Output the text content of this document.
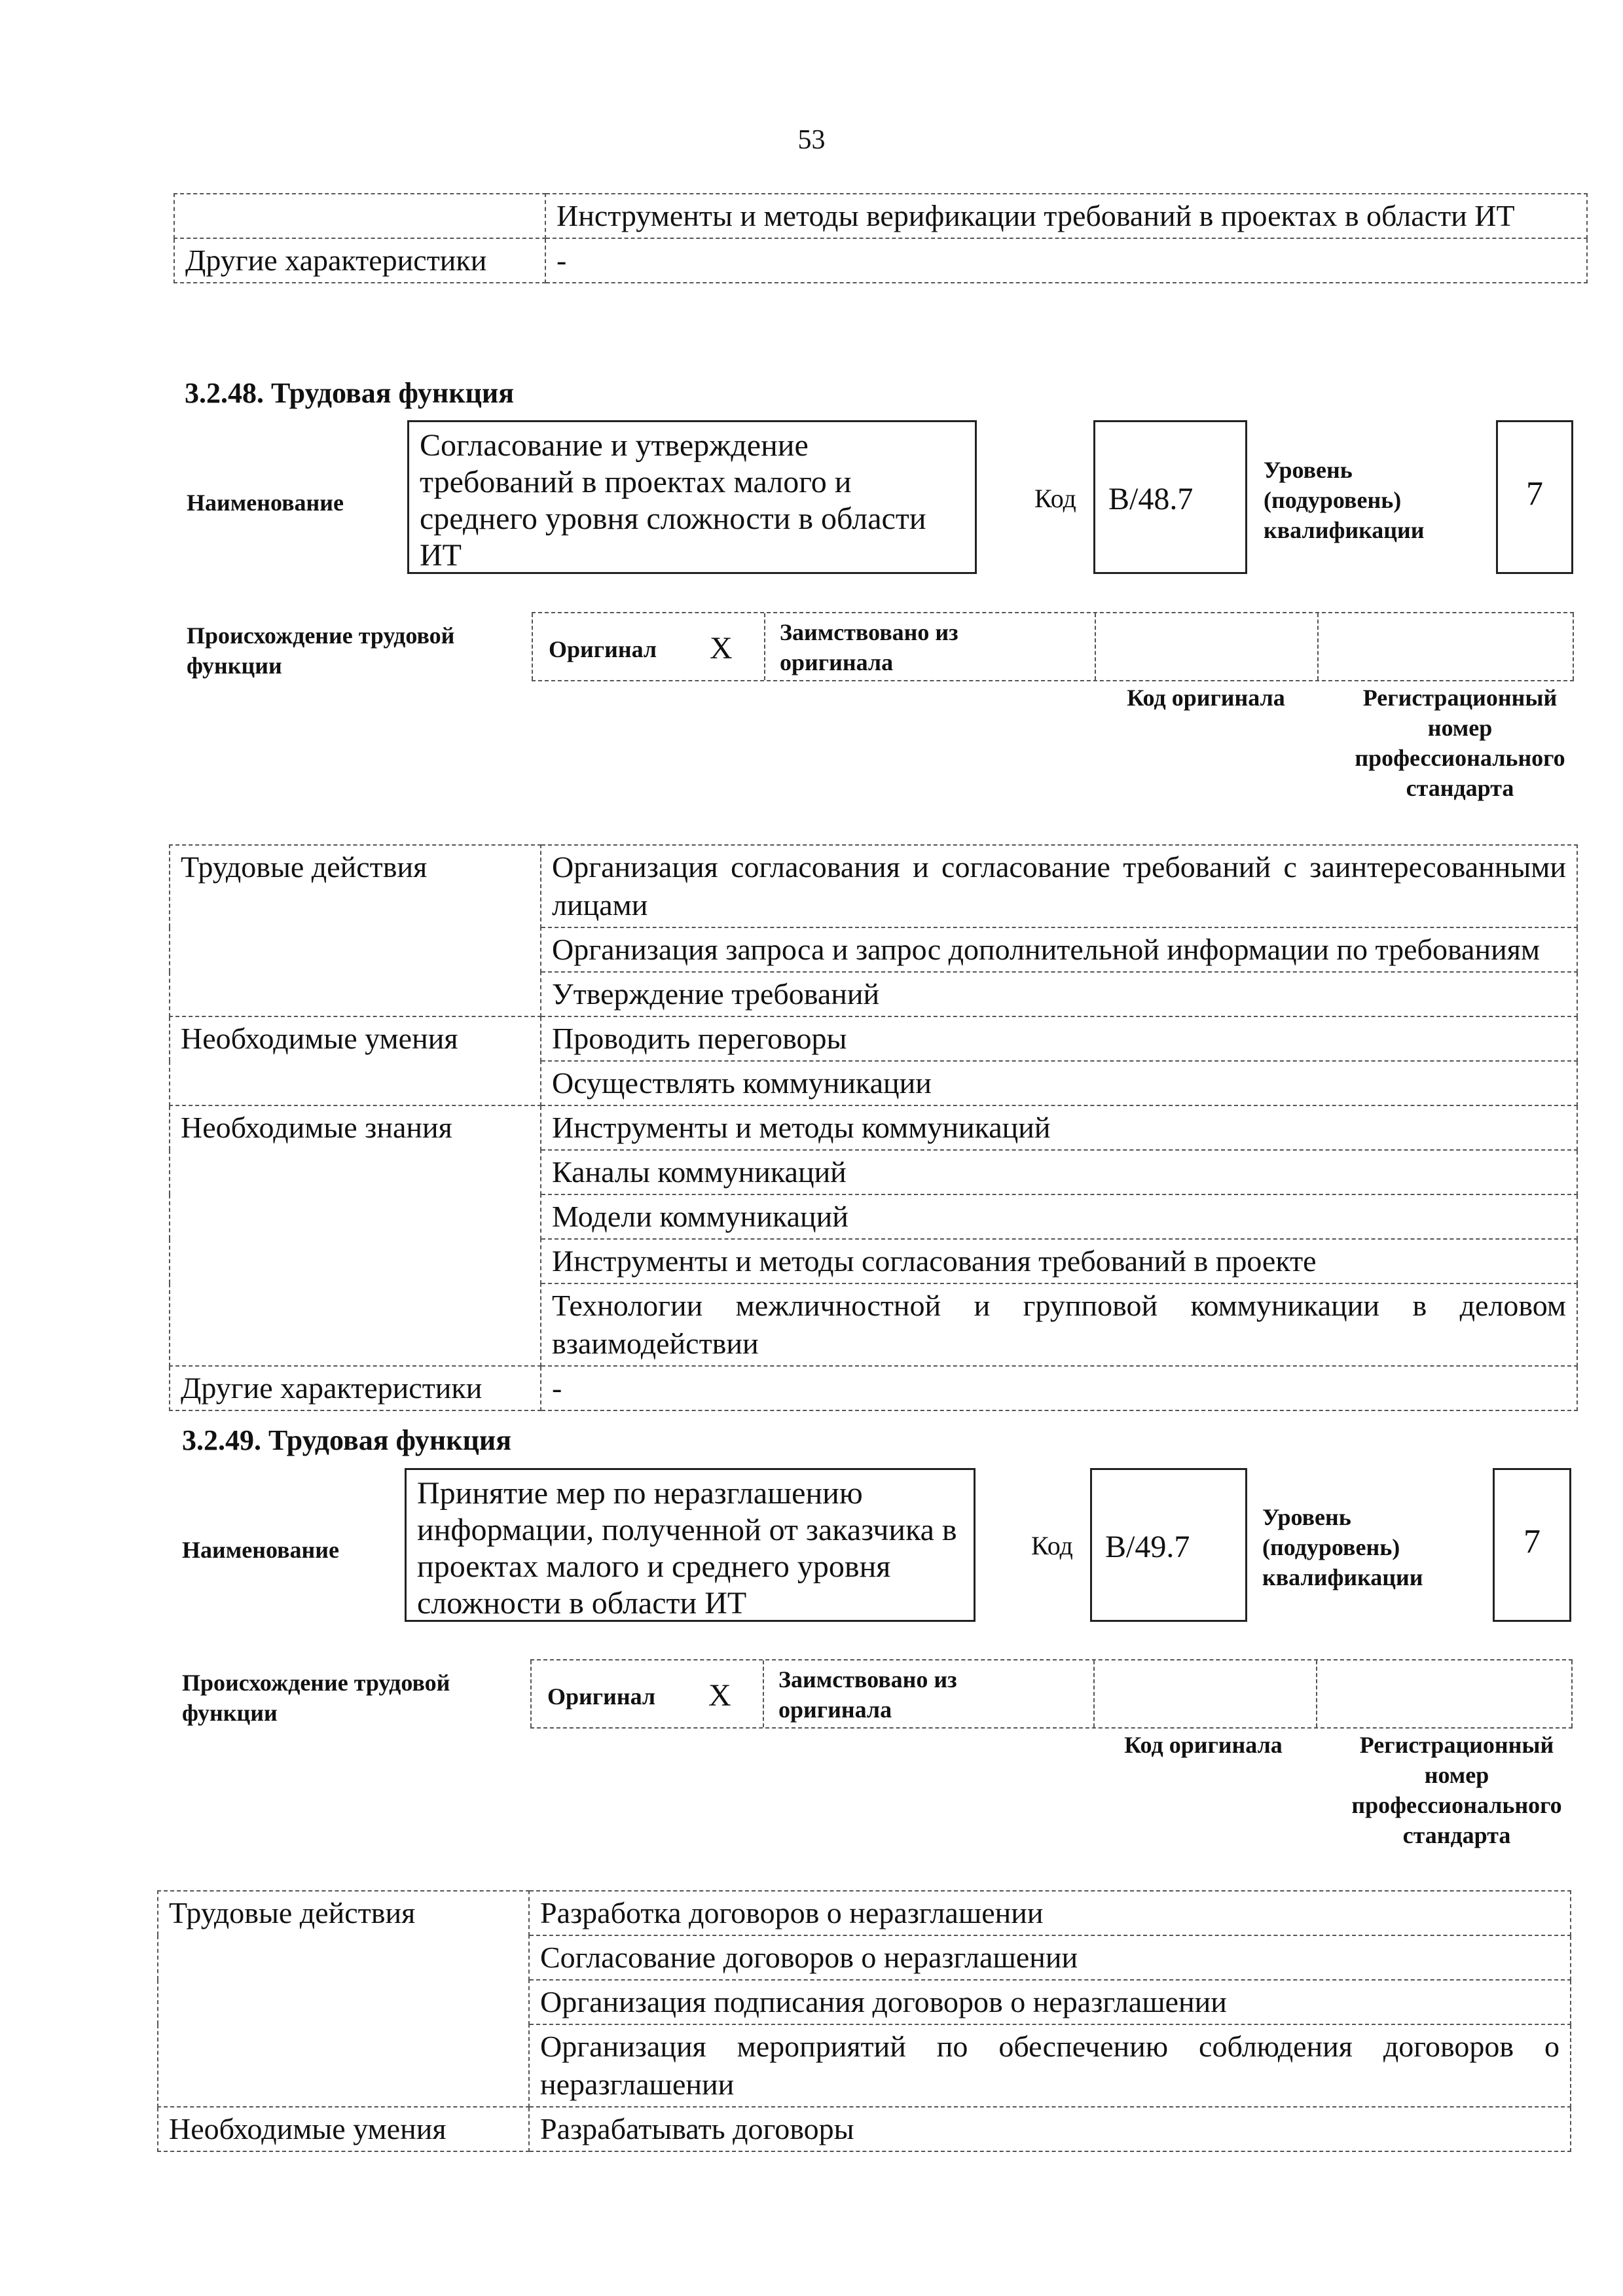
53
	Инструменты и методы верификации требований в проектах в области ИТ
Другие характеристики	-
3.2.48. Трудовая функция
Наименование
Согласование и утверждение требований в проектах малого и среднего уровня сложности в области ИТ
Код	B/48.7
Уровень (подуровень) квалификации
7
Происхождение трудовой функции
Оригинал X Заимствовано из оригинала
Код оригинала	Регистрационный номер профессионального стандарта
Трудовые действия	Организация согласования и согласование требований с заинтересованными лицами
	Организация запроса и запрос дополнительной информации по требованиям
	Утверждение требований
Необходимые умения	Проводить переговоры
	Осуществлять коммуникации
Необходимые знания	Инструменты и методы коммуникаций
	Каналы коммуникаций
	Модели коммуникаций
	Инструменты и методы согласования требований в проекте
	Технологии межличностной и групповой коммуникации в деловом взаимодействии
Другие характеристики	-
3.2.49. Трудовая функция
Наименование
Принятие мер по неразглашению информации, полученной от заказчика в проектах малого и среднего уровня сложности в области ИТ
Код	B/49.7
Уровень (подуровень) квалификации
7
Происхождение трудовой функции
Оригинал X Заимствовано из оригинала
Код оригинала	Регистрационный номер профессионального стандарта
Трудовые действия	Разработка договоров о неразглашении
	Согласование договоров о неразглашении
	Организация подписания договоров о неразглашении
	Организация мероприятий по обеспечению соблюдения договоров о неразглашении
Необходимые умения	Разрабатывать договоры
